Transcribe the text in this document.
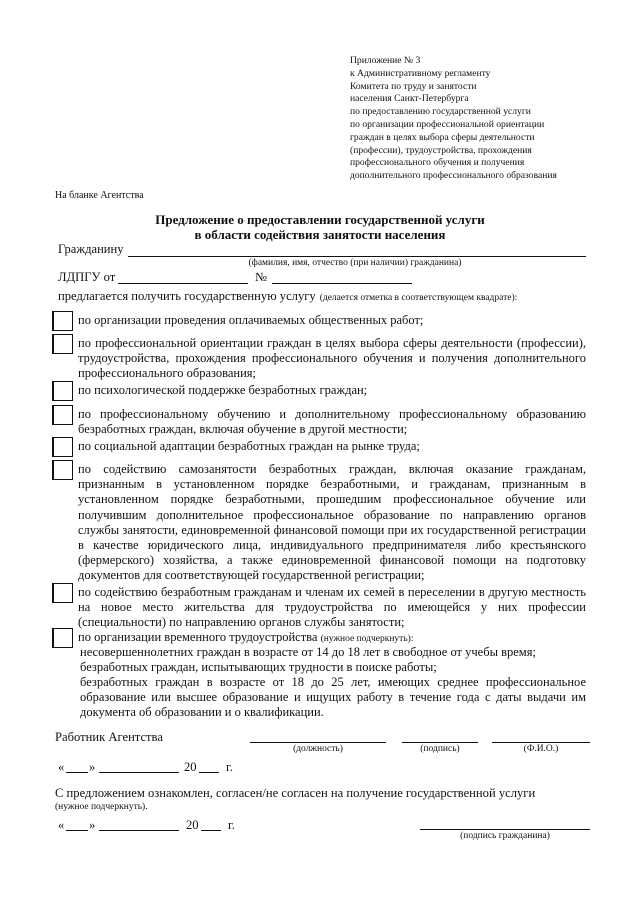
Приложение № 3
к Административному регламенту
Комитета по труду и занятости
населения Санкт-Петербурга
по предоставлению государственной услуги
по организации профессиональной ориентации
граждан в целях выбора сферы деятельности
(профессии), трудоустройства, прохождения
профессионального обучения и получения
дополнительного профессионального образования
На бланке Агентства
Предложение о предоставлении государственной услуги
в области содействия занятости населения
Гражданину
(фамилия, имя, отчество (при наличии) гражданина)
ЛДПГУ от	№
предлагается получить государственную услугу (делается отметка в соответствующем квадрате):
по организации проведения оплачиваемых общественных работ;
по профессиональной ориентации граждан в целях выбора сферы деятельности (профессии), трудоустройства, прохождения профессионального обучения и получения дополнительного профессионального образования;
по психологической поддержке безработных граждан;
по профессиональному обучению и дополнительному профессиональному образованию безработных граждан, включая обучение в другой местности;
по социальной адаптации безработных граждан на рынке труда;
по содействию самозанятости безработных граждан, включая оказание гражданам, признанным в установленном порядке безработными, и гражданам, признанным в установленном порядке безработными, прошедшим профессиональное обучение или получившим дополнительное профессиональное образование по направлению органов службы занятости, единовременной финансовой помощи при их государственной регистрации в качестве юридического лица, индивидуального предпринимателя либо крестьянского (фермерского) хозяйства, а также единовременной финансовой помощи на подготовку документов для соответствующей государственной регистрации;
по содействию безработным гражданам и членам их семей в переселении в другую местность на новое место жительства для трудоустройства по имеющейся у них профессии (специальности) по направлению органов службы занятости;
по организации временного трудоустройства (нужное подчеркнуть):
несовершеннолетних граждан в возрасте от 14 до 18 лет в свободное от учебы время;
безработных граждан, испытывающих трудности в поиске работы;
безработных граждан в возрасте от 18 до 25 лет, имеющих среднее профессиональное образование или высшее образование и ищущих работу в течение года с даты выдачи им документа об образовании и о квалификации.
Работник Агентства
(должность)	(подпись)	(Ф.И.О.)
« »	20 г.
С предложением ознакомлен, согласен/не согласен на получение государственной услуги
(нужное подчеркнуть).
« »	20 г.
(подпись гражданина)
